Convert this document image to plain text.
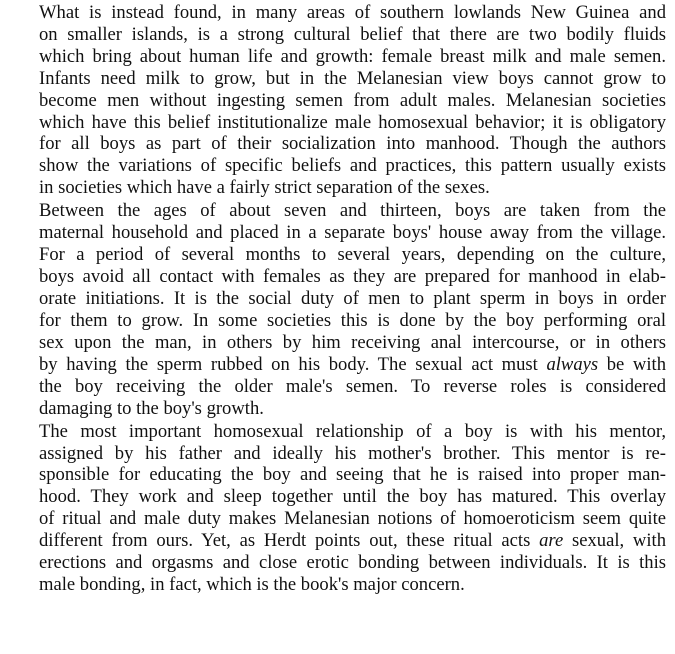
What is instead found, in many areas of southern lowlands New Guinea and
on smaller islands, is a strong cultural belief that there are two bodily fluids
which bring about human life and growth: female breast milk and male semen.
Infants need milk to grow, but in the Melanesian view boys cannot grow to
become men without ingesting semen from adult males. Melanesian societies
which have this belief institutionalize male homosexual behavior; it is obligatory
for all boys as part of their socialization into manhood. Though the authors
show the variations of specific beliefs and practices, this pattern usually exists
in societies which have a fairly strict separation of the sexes.

Between the ages of about seven and thirteen, boys are taken from the
maternal household and placed in a separate boys' house away from the village.
For a period of several months to several years, depending on the culture,
boys avoid all contact with females as they are prepared for manhood in elab-
orate initiations. It is the social duty of men to plant sperm in boys in order
for them to grow. In some societies this is done by the boy performing oral
sex upon the man, in others by him receiving anal intercourse, or in others
by having the sperm rubbed on his body. The sexual act must always be with
the boy receiving the older male's semen. To reverse roles is considered
damaging to the boy's growth.

The most important homosexual relationship of a boy is with his mentor,
assigned by his father and ideally his mother's brother. This mentor is re-
sponsible for educating the boy and seeing that he is raised into proper man-
hood. They work and sleep together until the boy has matured. This overlay
of ritual and male duty makes Melanesian notions of homoeroticism seem quite
different from ours. Yet, as Herdt points out, these ritual acts are sexual, with
erections and orgasms and close erotic bonding between individuals. It is this
male bonding, in fact, which is the book's major concern.
